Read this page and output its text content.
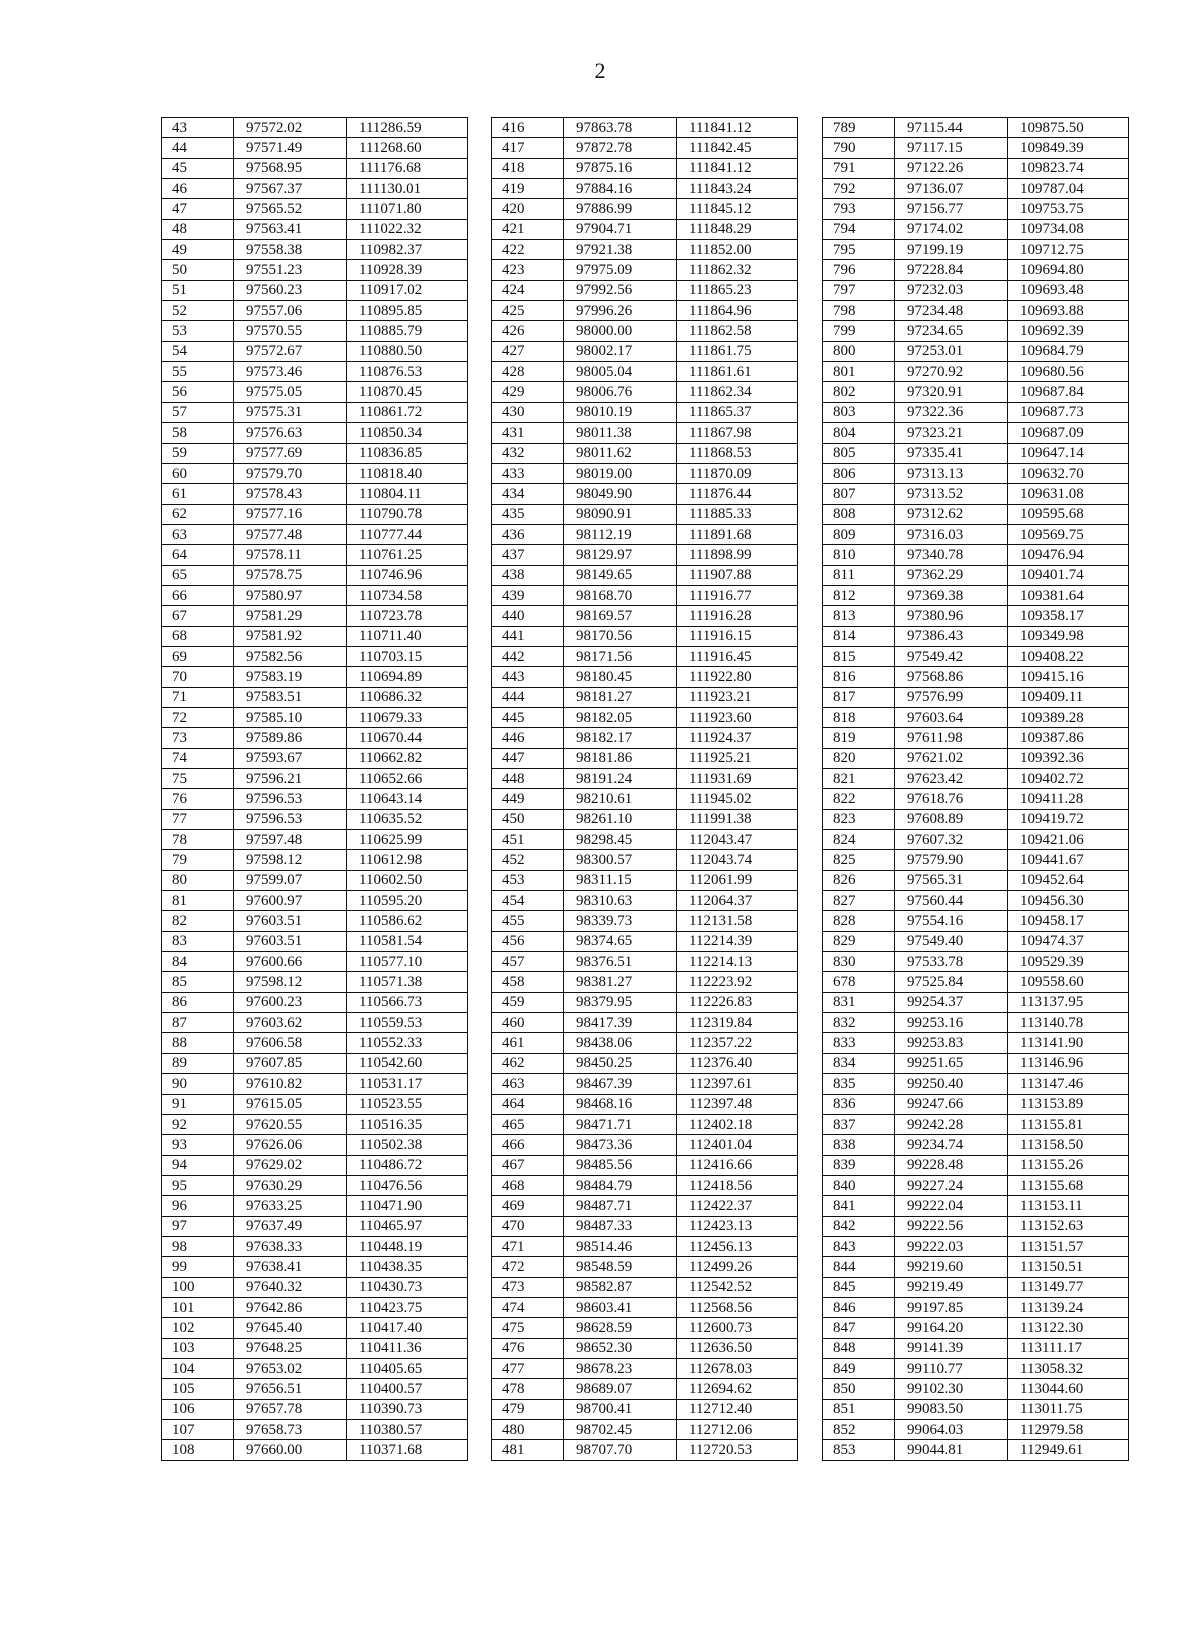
2
43	97572.02	111286.59
44	97571.49	111268.60
45	97568.95	111176.68
46	97567.37	111130.01
47	97565.52	111071.80
48	97563.41	111022.32
49	97558.38	110982.37
50	97551.23	110928.39
51	97560.23	110917.02
52	97557.06	110895.85
53	97570.55	110885.79
54	97572.67	110880.50
55	97573.46	110876.53
56	97575.05	110870.45
57	97575.31	110861.72
58	97576.63	110850.34
59	97577.69	110836.85
60	97579.70	110818.40
61	97578.43	110804.11
62	97577.16	110790.78
63	97577.48	110777.44
64	97578.11	110761.25
65	97578.75	110746.96
66	97580.97	110734.58
67	97581.29	110723.78
68	97581.92	110711.40
69	97582.56	110703.15
70	97583.19	110694.89
71	97583.51	110686.32
72	97585.10	110679.33
73	97589.86	110670.44
74	97593.67	110662.82
75	97596.21	110652.66
76	97596.53	110643.14
77	97596.53	110635.52
78	97597.48	110625.99
79	97598.12	110612.98
80	97599.07	110602.50
81	97600.97	110595.20
82	97603.51	110586.62
83	97603.51	110581.54
84	97600.66	110577.10
85	97598.12	110571.38
86	97600.23	110566.73
87	97603.62	110559.53
88	97606.58	110552.33
89	97607.85	110542.60
90	97610.82	110531.17
91	97615.05	110523.55
92	97620.55	110516.35
93	97626.06	110502.38
94	97629.02	110486.72
95	97630.29	110476.56
96	97633.25	110471.90
97	97637.49	110465.97
98	97638.33	110448.19
99	97638.41	110438.35
100	97640.32	110430.73
101	97642.86	110423.75
102	97645.40	110417.40
103	97648.25	110411.36
104	97653.02	110405.65
105	97656.51	110400.57
106	97657.78	110390.73
107	97658.73	110380.57
108	97660.00	110371.68
416	97863.78	111841.12
417	97872.78	111842.45
418	97875.16	111841.12
419	97884.16	111843.24
420	97886.99	111845.12
421	97904.71	111848.29
422	97921.38	111852.00
423	97975.09	111862.32
424	97992.56	111865.23
425	97996.26	111864.96
426	98000.00	111862.58
427	98002.17	111861.75
428	98005.04	111861.61
429	98006.76	111862.34
430	98010.19	111865.37
431	98011.38	111867.98
432	98011.62	111868.53
433	98019.00	111870.09
434	98049.90	111876.44
435	98090.91	111885.33
436	98112.19	111891.68
437	98129.97	111898.99
438	98149.65	111907.88
439	98168.70	111916.77
440	98169.57	111916.28
441	98170.56	111916.15
442	98171.56	111916.45
443	98180.45	111922.80
444	98181.27	111923.21
445	98182.05	111923.60
446	98182.17	111924.37
447	98181.86	111925.21
448	98191.24	111931.69
449	98210.61	111945.02
450	98261.10	111991.38
451	98298.45	112043.47
452	98300.57	112043.74
453	98311.15	112061.99
454	98310.63	112064.37
455	98339.73	112131.58
456	98374.65	112214.39
457	98376.51	112214.13
458	98381.27	112223.92
459	98379.95	112226.83
460	98417.39	112319.84
461	98438.06	112357.22
462	98450.25	112376.40
463	98467.39	112397.61
464	98468.16	112397.48
465	98471.71	112402.18
466	98473.36	112401.04
467	98485.56	112416.66
468	98484.79	112418.56
469	98487.71	112422.37
470	98487.33	112423.13
471	98514.46	112456.13
472	98548.59	112499.26
473	98582.87	112542.52
474	98603.41	112568.56
475	98628.59	112600.73
476	98652.30	112636.50
477	98678.23	112678.03
478	98689.07	112694.62
479	98700.41	112712.40
480	98702.45	112712.06
481	98707.70	112720.53
789	97115.44	109875.50
790	97117.15	109849.39
791	97122.26	109823.74
792	97136.07	109787.04
793	97156.77	109753.75
794	97174.02	109734.08
795	97199.19	109712.75
796	97228.84	109694.80
797	97232.03	109693.48
798	97234.48	109693.88
799	97234.65	109692.39
800	97253.01	109684.79
801	97270.92	109680.56
802	97320.91	109687.84
803	97322.36	109687.73
804	97323.21	109687.09
805	97335.41	109647.14
806	97313.13	109632.70
807	97313.52	109631.08
808	97312.62	109595.68
809	97316.03	109569.75
810	97340.78	109476.94
811	97362.29	109401.74
812	97369.38	109381.64
813	97380.96	109358.17
814	97386.43	109349.98
815	97549.42	109408.22
816	97568.86	109415.16
817	97576.99	109409.11
818	97603.64	109389.28
819	97611.98	109387.86
820	97621.02	109392.36
821	97623.42	109402.72
822	97618.76	109411.28
823	97608.89	109419.72
824	97607.32	109421.06
825	97579.90	109441.67
826	97565.31	109452.64
827	97560.44	109456.30
828	97554.16	109458.17
829	97549.40	109474.37
830	97533.78	109529.39
678	97525.84	109558.60
831	99254.37	113137.95
832	99253.16	113140.78
833	99253.83	113141.90
834	99251.65	113146.96
835	99250.40	113147.46
836	99247.66	113153.89
837	99242.28	113155.81
838	99234.74	113158.50
839	99228.48	113155.26
840	99227.24	113155.68
841	99222.04	113153.11
842	99222.56	113152.63
843	99222.03	113151.57
844	99219.60	113150.51
845	99219.49	113149.77
846	99197.85	113139.24
847	99164.20	113122.30
848	99141.39	113111.17
849	99110.77	113058.32
850	99102.30	113044.60
851	99083.50	113011.75
852	99064.03	112979.58
853	99044.81	112949.61
